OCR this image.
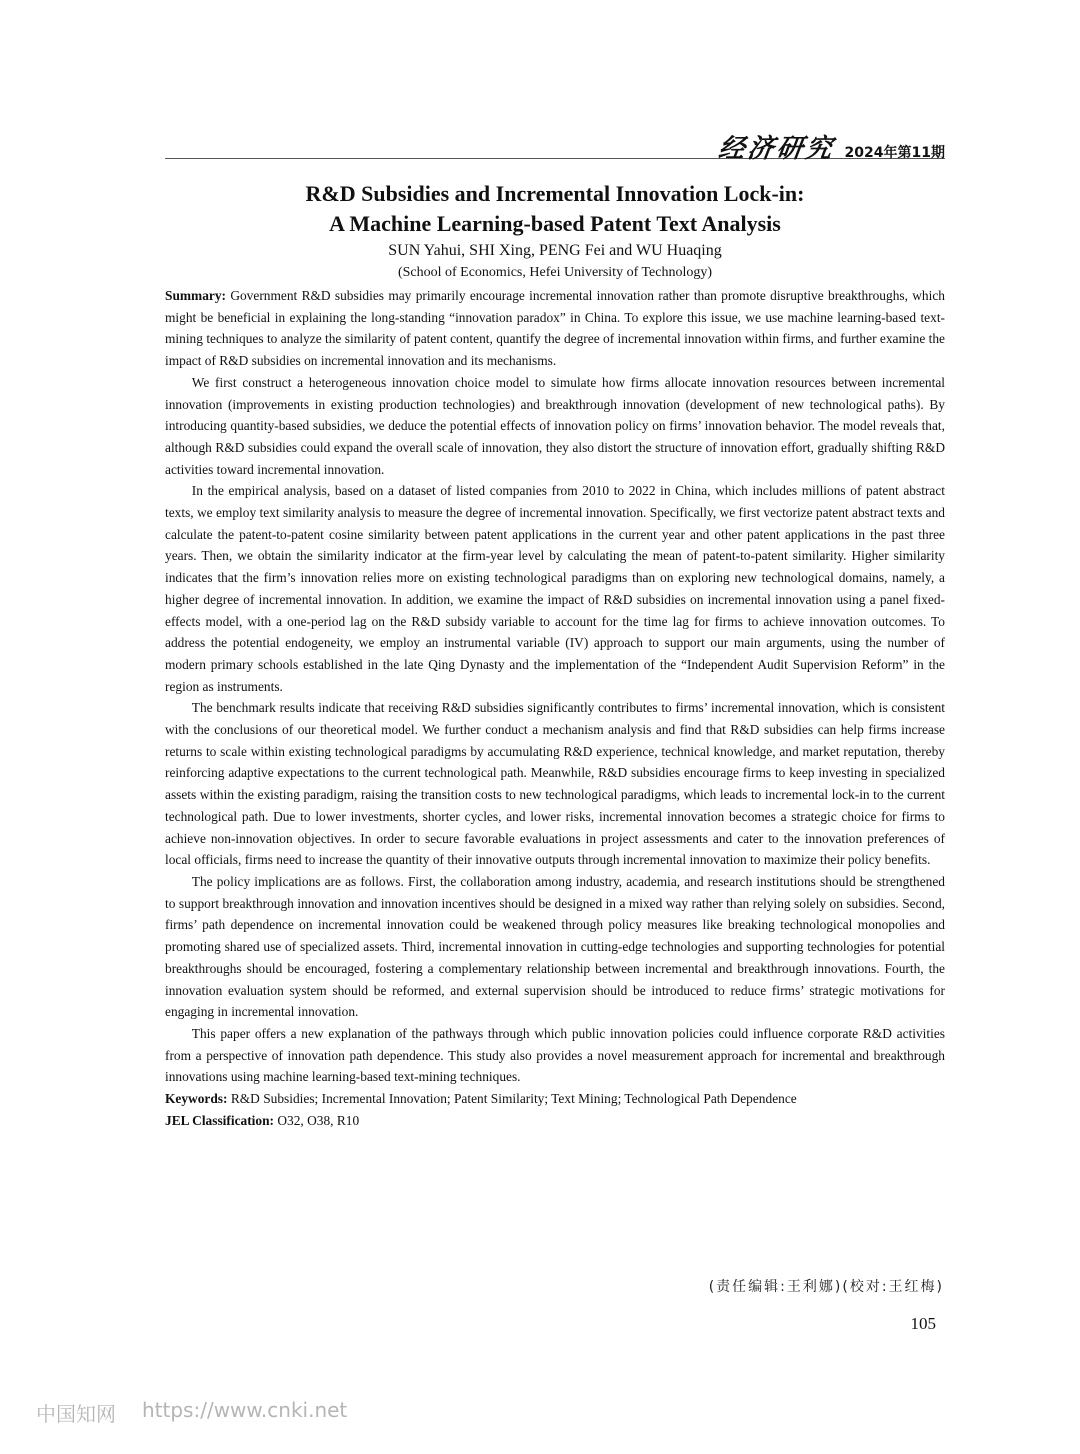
经济研究 2024年第11期
R&D Subsidies and Incremental Innovation Lock-in:
A Machine Learning-based Patent Text Analysis
SUN Yahui, SHI Xing, PENG Fei and WU Huaqing
(School of Economics, Hefei University of Technology)

Summary: Government R&D subsidies may primarily encourage incremental innovation rather than promote disruptive breakthroughs, which might be beneficial in explaining the long-standing “innovation paradox” in China. To explore this issue, we use machine learning-based text-mining techniques to analyze the similarity of patent content, quantify the degree of incremental innovation within firms, and further examine the impact of R&D subsidies on incremental innovation and its mechanisms.

We first construct a heterogeneous innovation choice model to simulate how firms allocate innovation resources between incremental innovation (improvements in existing production technologies) and breakthrough innovation (development of new technological paths). By introducing quantity-based subsidies, we deduce the potential effects of innovation policy on firms’ innovation behavior. The model reveals that, although R&D subsidies could expand the overall scale of innovation, they also distort the structure of innovation effort, gradually shifting R&D activities toward incremental innovation.

In the empirical analysis, based on a dataset of listed companies from 2010 to 2022 in China, which includes millions of patent abstract texts, we employ text similarity analysis to measure the degree of incremental innovation. Specifically, we first vectorize patent abstract texts and calculate the patent-to-patent cosine similarity between patent applications in the current year and other patent applications in the past three years. Then, we obtain the similarity indicator at the firm-year level by calculating the mean of patent-to-patent similarity. Higher similarity indicates that the firm’s innovation relies more on existing technological paradigms than on exploring new technological domains, namely, a higher degree of incremental innovation. In addition, we examine the impact of R&D subsidies on incremental innovation using a panel fixed-effects model, with a one-period lag on the R&D subsidy variable to account for the time lag for firms to achieve innovation outcomes. To address the potential endogeneity, we employ an instrumental variable (IV) approach to support our main arguments, using the number of modern primary schools established in the late Qing Dynasty and the implementation of the “Independent Audit Supervision Reform” in the region as instruments.

The benchmark results indicate that receiving R&D subsidies significantly contributes to firms’ incremental innovation, which is consistent with the conclusions of our theoretical model. We further conduct a mechanism analysis and find that R&D subsidies can help firms increase returns to scale within existing technological paradigms by accumulating R&D experience, technical knowledge, and market reputation, thereby reinforcing adaptive expectations to the current technological path. Meanwhile, R&D subsidies encourage firms to keep investing in specialized assets within the existing paradigm, raising the transition costs to new technological paradigms, which leads to incremental lock-in to the current technological path. Due to lower investments, shorter cycles, and lower risks, incremental innovation becomes a strategic choice for firms to achieve non-innovation objectives. In order to secure favorable evaluations in project assessments and cater to the innovation preferences of local officials, firms need to increase the quantity of their innovative outputs through incremental innovation to maximize their policy benefits.

The policy implications are as follows. First, the collaboration among industry, academia, and research institutions should be strengthened to support breakthrough innovation and innovation incentives should be designed in a mixed way rather than relying solely on subsidies. Second, firms’ path dependence on incremental innovation could be weakened through policy measures like breaking technological monopolies and promoting shared use of specialized assets. Third, incremental innovation in cutting-edge technologies and supporting technologies for potential breakthroughs should be encouraged, fostering a complementary relationship between incremental and breakthrough innovations. Fourth, the innovation evaluation system should be reformed, and external supervision should be introduced to reduce firms’ strategic motivations for engaging in incremental innovation.

This paper offers a new explanation of the pathways through which public innovation policies could influence corporate R&D activities from a perspective of innovation path dependence. This study also provides a novel measurement approach for incremental and breakthrough innovations using machine learning-based text-mining techniques.

Keywords: R&D Subsidies; Incremental Innovation; Patent Similarity; Text Mining; Technological Path Dependence

JEL Classification: O32, O38, R10

(责任编辑:王利娜)(校对:王红梅)
105
中国知网 https://www.cnki.net
